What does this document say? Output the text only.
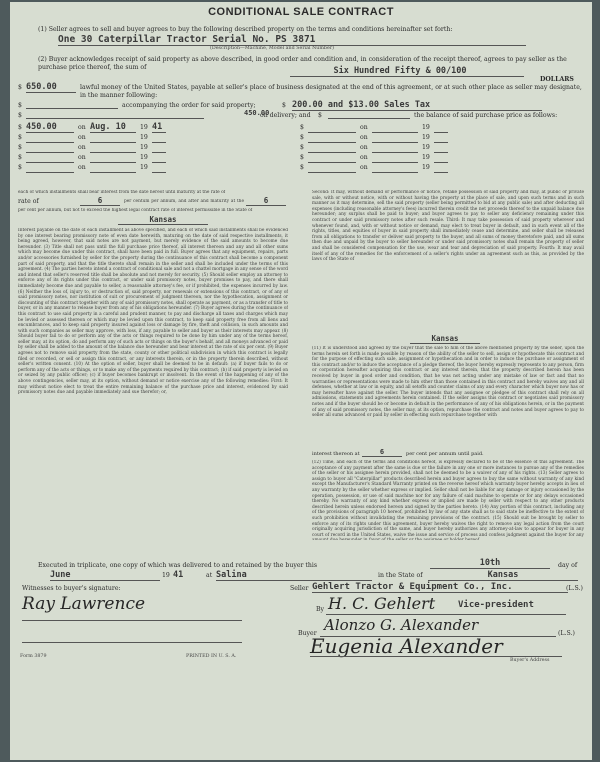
CONDITIONAL SALE CONTRACT
(1) Seller agrees to sell and buyer agrees to buy the following described property on the terms and conditions hereinafter set forth:
One 30 Caterpillar Tractor Serial No. PS 3871
(Description—Machine, Model and Serial Number)
(2) Buyer acknowledges receipt of said property as above described, in good order and condition and, in consideration of the receipt thereof, agrees to pay seller as the purchase price thereof, the sum of	Six Hundred Fifty & 00/100
DOLLARS
$ 650.00	lawful money of the United States, payable at seller's place of business designated at the end of this agreement, or at such other place as seller may designate, in the manner following:
$	accompanying the order for said property;	$ 200.00 and $13.00 Sales Tax
$	450.00
on delivery; and $	the balance of said purchase price as follows:
$ 450.00	on Aug. 10	19 41	$	on	19
$	on	19	$	on	19
$	on	19	$	on	19
$	on	19	$	on	19
$	on	19	$	on	19
each of which installments shall bear interest from the date hereof until maturity at the rate of
rate of	6	per centum per annum, and after and maturity at the	6
per cent per annum, but not to exceed the highest legal contract rate of interest permissible in the State of
Kansas
Interest payable on the date of each installment as above specified, and each of which said installments shall be evidenced by one interest bearing promissory note of even date herewith, maturing on the date of said respective installments, it being agreed, however, that said notes are not payment, but merely evidence of the said amounts to become due hereunder. (3) Title shall not pass until the full purchase price thereof, all interest thereon and any and all other sums which may become due under this contract, shall have been paid in full. Buyer agrees that any equipment, repairs, parts and/or accessories furnished by seller for the property during the continuance of this contract shall become a component part of said property, and that the title thereto shall remain in the seller and shall be included under the terms of this agreement. (4) The parties hereto intend a contract of conditional sale and not a chattel mortgage in any sense of the word and intend that seller's reserved title shall be absolute and not merely for security. (5) Should seller employ an attorney to enforce any of its rights under this contract, or under said promissory notes, buyer promises to pay, and there shall immediately become due and payable to seller, a reasonable attorney's fee, or if prohibited, the expenses incurred by law. (6) Neither the loss of, injury to, or destruction of, said property, nor renewals or extensions of this contract, or of any of said promissory notes, nor institution of suit or procurement of judgment thereon, nor the hypothecation, assignment or discounting of this contract together with any of said promissory notes, shall operate as payment, or as a transfer of title to buyer, or in any manner to release buyer from any of his obligations hereunder. (7) Buyer agrees during the continuance of this contract to use said property in a careful and prudent manner, to pay and discharge all taxes and charges which may be levied or assessed thereon or which may be levied upon this contract, to keep said property free from all liens and encumbrances, and to keep said property insured against loss or damage by fire, theft and collision, in such amounts and with such companies as seller may approve, with loss, if any, payable to seller and buyer as their interests may appear. (8) Should buyer fail to do or perform any of the acts or things required to be done by him under any of the terms hereof, seller may, at its option, do and perform any of such acts or things on the buyer's behalf, and all moneys advanced or paid by seller shall be added to the amount of the balance due hereunder and bear interest at the rate of six per cent. (9) Buyer agrees not to remove said property from the state, county or other political subdivision in which this contract is legally filed or recorded, or sell or assign this contract, or any interests therein, or in the property therein described, without seller's written consent. (10) At the option of seller, buyer shall be deemed to be in default: (a) if buyer fails to do or perform any of the acts or things, or to make any of the payments required by this contract; (b) if said property is levied on or seized by any public officer; (c) if buyer becomes bankrupt or insolvent. In the event of the happening of any of the above contingencies, seller may, at its option, without demand or notice exercise any of the following remedies: First: It may without notice elect to treat the entire remaining balance of the purchase price and interest, evidenced by said promissory notes due and payable immediately and sue therefor; or,
Second: It may, without demand or performance or notice, retake possession of said property and may, at public or private sale, with or without notice, with or without having the property at the place of sale, and upon such terms and in such manner as it may determine, sell the said property (seller being permitted to bid at any public sale) and after deducting all expenses (including reasonable attorney's fees) incurred therein credit the net proceeds thereof to the unpaid balance due hereunder; any surplus shall be paid to buyer; and buyer agrees to pay to seller any deficiency remaining under this contract or under said promissory notes after such resale. Third: It may take possession of said property wherever and whenever found, and, with or without notice or demand, may elect to treat buyer in default, and in such event all of the rights, titles, and equities of buyer in said property shall immediately cease and determine, and seller shall be released from all obligations to transfer or deliver said property to the buyer, and all sums of money theretofore paid, and all sums then due and unpaid by the buyer to seller hereunder or under said promissory notes shall remain the property of seller and shall be considered compensation for the use, wear and tear and depreciation of said property. Fourth: It may avail itself of any of the remedies for the enforcement of a seller's rights under an agreement such as this, as provided by the laws of the State of
Kansas
(11) It is understood and agreed by the buyer that the sale to him of the above mentioned property by the seller, upon the terms herein set forth is made possible by reason of the ability of the seller to sell, assign or hypothecate this contract and for the purpose of effecting such sale, assignment or hypothecation and in order to induce the purchase or assignment of this contract and/or to induce the acceptance of a pledge thereof, the buyer hereby expressly represents to any person, firm or corporation hereafter acquiring this contract or any interest therein, that the property described herein has been received by buyer in good order and condition, that he was not acting under any mistake of law or fact and that no warranties or representations were made to him other than those contained in this contract and hereby waives any and all defenses, whether at law or in equity, and all setoffs and counter claims of any and every character which buyer now has or may hereafter have against the seller. The buyer intends that any assignee or pledgee of this contract shall rely on all admissions, statements and agreements herein contained. If the seller assigns this contract or negotiates said promissory notes and if the buyer should be or become in default in the performance of any of his obligations herein, or in the payment of any of said promissory notes, the seller may, at its option, repurchase the contract and notes and buyer agrees to pay to seller all sums advanced or paid by seller in effecting such repurchase together with
interest thereon at	6	per cent per annum until paid.
(12) Time, and each of the terms and conditions hereof, is expressly declared to be of the essence of this agreement. The acceptance of any payment after the same is due or the failure in any one or more instances to pursue any of the remedies of the seller or his assignee herein provided, shall not be deemed to be a waiver of any of his rights. (13) Seller agrees to assign to buyer all "Caterpillar" products described herein and buyer agrees to buy the same without warranty of any kind except the Manufacturer's Standard Warranty printed on the reverse hereof which warranty buyer hereby accepts in lieu of any warranty by the seller whether express or implied. Seller shall not be liable for any damage or injury occasioned by the operation, possession, or use of said machine nor for any failure of said machine to operate or for any delays occasioned thereby. No warranty of any kind whether express or implied are made by seller with respect to any other products described herein unless endorsed hereon and signed by the parties hereto. (14) Any portion of this contract, including any of the provisions of paragraph 10 hereof, prohibited by law of any state shall as to said state be ineffective to the extent of such prohibition without invalidating the remaining provisions of the contract. (15) Should suit be brought by seller to enforce any of its rights under this agreement, buyer hereby waives the right to remove any legal action from the court originally acquiring jurisdiction of the same, and buyer hereby authorizes any attorney-at-law to appear for buyer in any court of record in the United States, waive the issue and service of process and confess judgment against the buyer for any
Executed in triplicate, one copy of which was delivered to and retained by the buyer this	10th	day of
June	19 41	at Salina	in the State of	Kansas
Witnesses to buyer's signature:
Ray Lawrence
Seller Gehlert Tractor & Equipment Co., Inc.	(L.S.)
By H. C. Gehlert	Vice-president
Buyer Alonzo G. Alexander	(L.S.)
Eugenia Alexander
Buyer's Address
Form 3879	PRINTED IN U. S. A.
